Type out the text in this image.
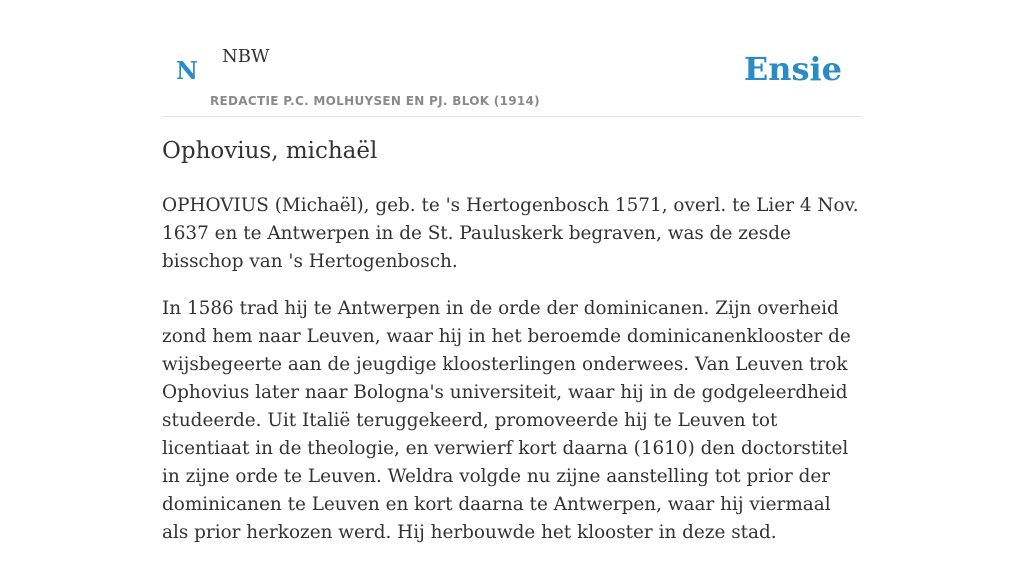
N NBW
REDACTIE P.C. MOLHUYSEN EN PJ. BLOK (1914)
Ensie
Ophovius, michaël

OPHOVIUS (Michaël), geb. te 's Hertogenbosch 1571, overl. te Lier 4 Nov. 1637 en te Antwerpen in de St. Pauluskerk begraven, was de zesde bisschop van 's Hertogenbosch.

In 1586 trad hij te Antwerpen in de orde der dominicanen. Zijn overheid zond hem naar Leuven, waar hij in het beroemde dominicanenklooster de wijsbegeerte aan de jeugdige kloosterlingen onderwees. Van Leuven trok Ophovius later naar Bologna's universiteit, waar hij in de godgeleerdheid studeerde. Uit Italië teruggekeerd, promoveerde hij te Leuven tot licentiaat in de theologie, en verwierf kort daarna (1610) den doctorstitel in zijne orde te Leuven. Weldra volgde nu zijne aanstelling tot prior der dominicanen te Leuven en kort daarna te Antwerpen, waar hij viermaal als prior herkozen werd. Hij herbouwde het klooster in deze stad.
